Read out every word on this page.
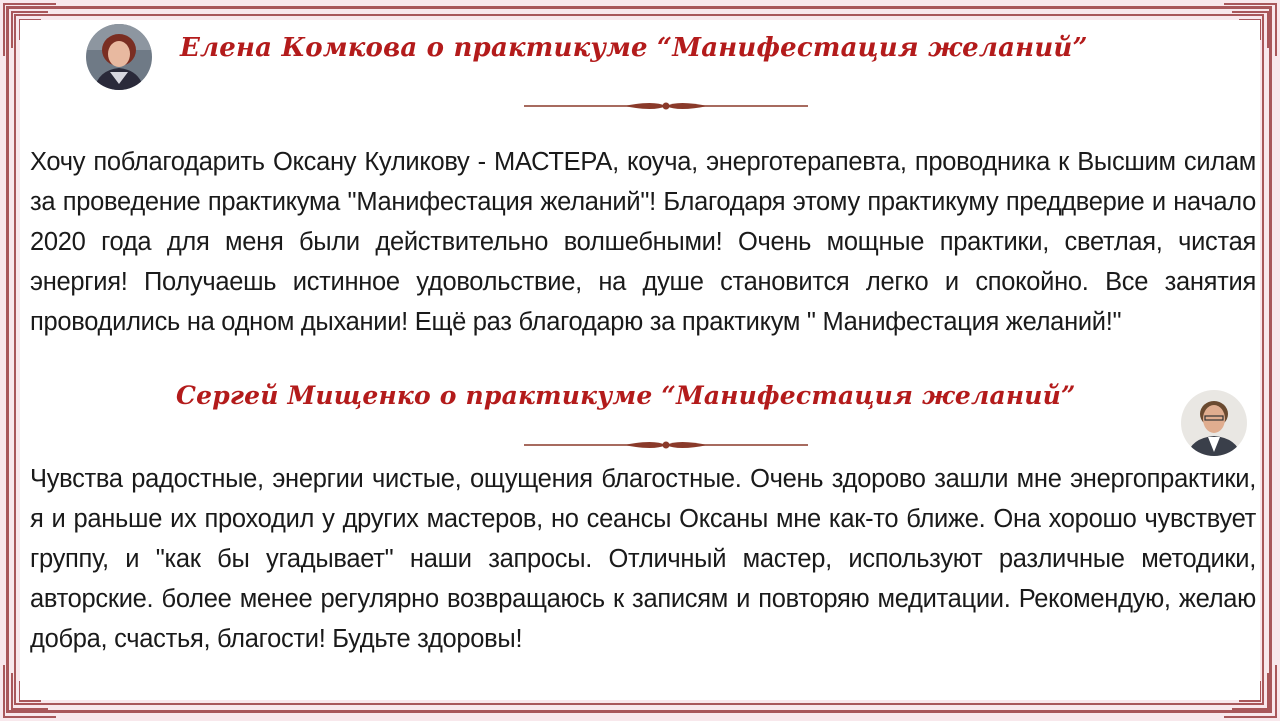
Елена Комкова о практикуме “Манифестация желаний”
Хочу поблагодарить Оксану Куликову - МАСТЕРА, коуча, энерготерапевта, проводника к Высшим силам за проведение практикума "Манифестация желаний"! Благодаря этому практикуму преддверие и начало 2020 года для меня были действительно волшебными! Очень мощные практики, светлая, чистая энергия! Получаешь истинное удовольствие, на душе становится легко и спокойно. Все занятия проводились на одном дыхании! Ещё раз благодарю за практикум " Манифестация желаний!"
Сергей Мищенко о практикуме “Манифестация желаний”
Чувства радостные, энергии чистые, ощущения благостные. Очень здорово зашли мне энергопрактики, я и раньше их проходил у других мастеров, но сеансы Оксаны мне как-то ближе. Она хорошо чувствует группу, и "как бы угадывает" наши запросы. Отличный мастер, используют различные методики, авторские. более менее регулярно возвращаюсь к записям и повторяю медитации. Рекомендую, желаю добра, счастья, благости! Будьте здоровы!
